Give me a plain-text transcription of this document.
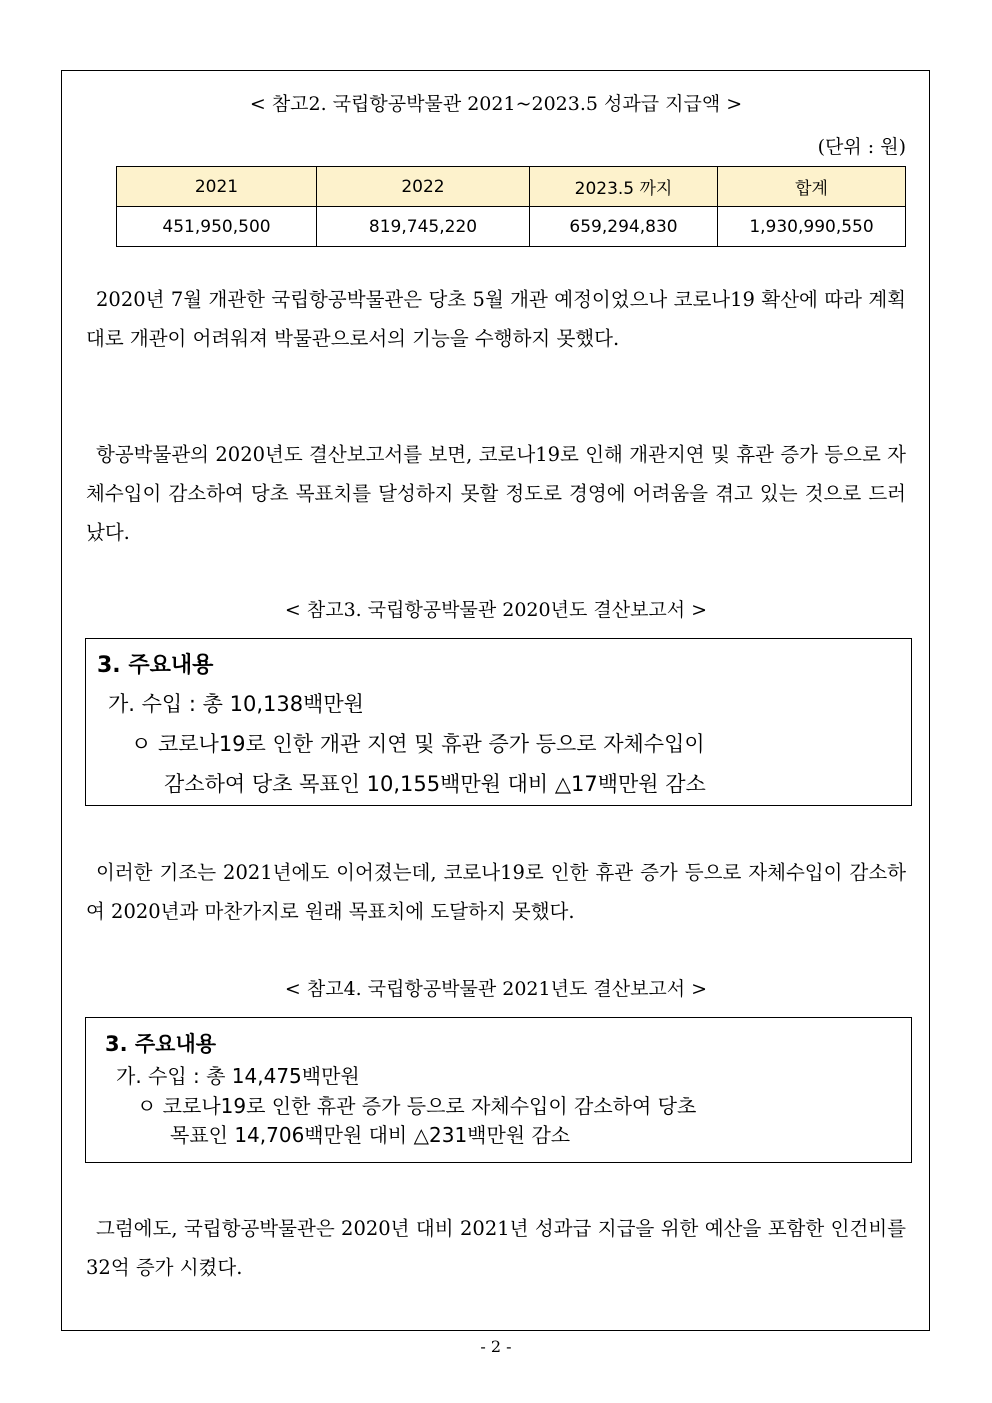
< 참고2. 국립항공박물관 2021~2023.5 성과급 지급액 >
(단위 : 원)
2021	2022	2023.5 까지	합계
451,950,500	819,745,220	659,294,830	1,930,990,550
2020년 7월 개관한 국립항공박물관은 당초 5월 개관 예정이었으나 코로나19 확산에 따라 계획대로 개관이 어려워져 박물관으로서의 기능을 수행하지 못했다.
항공박물관의 2020년도 결산보고서를 보면, 코로나19로 인해 개관지연 및 휴관 증가 등으로 자체수입이 감소하여 당초 목표치를 달성하지 못할 정도로 경영에 어려움을 겪고 있는 것으로 드러났다.
< 참고3. 국립항공박물관 2020년도 결산보고서 >
3. 주요내용
가. 수입 : 총 10,138백만원
ㅇ 코로나19로 인한 개관 지연 및 휴관 증가 등으로 자체수입이
감소하여 당초 목표인 10,155백만원 대비 △17백만원 감소
이러한 기조는 2021년에도 이어졌는데, 코로나19로 인한 휴관 증가 등으로 자체수입이 감소하여 2020년과 마찬가지로 원래 목표치에 도달하지 못했다.
< 참고4. 국립항공박물관 2021년도 결산보고서 >
3. 주요내용
가. 수입 : 총 14,475백만원
ㅇ 코로나19로 인한 휴관 증가 등으로 자체수입이 감소하여 당초
목표인 14,706백만원 대비 △231백만원 감소
그럼에도, 국립항공박물관은 2020년 대비 2021년 성과급 지급을 위한 예산을 포함한 인건비를 32억 증가 시켰다.
- 2 -
